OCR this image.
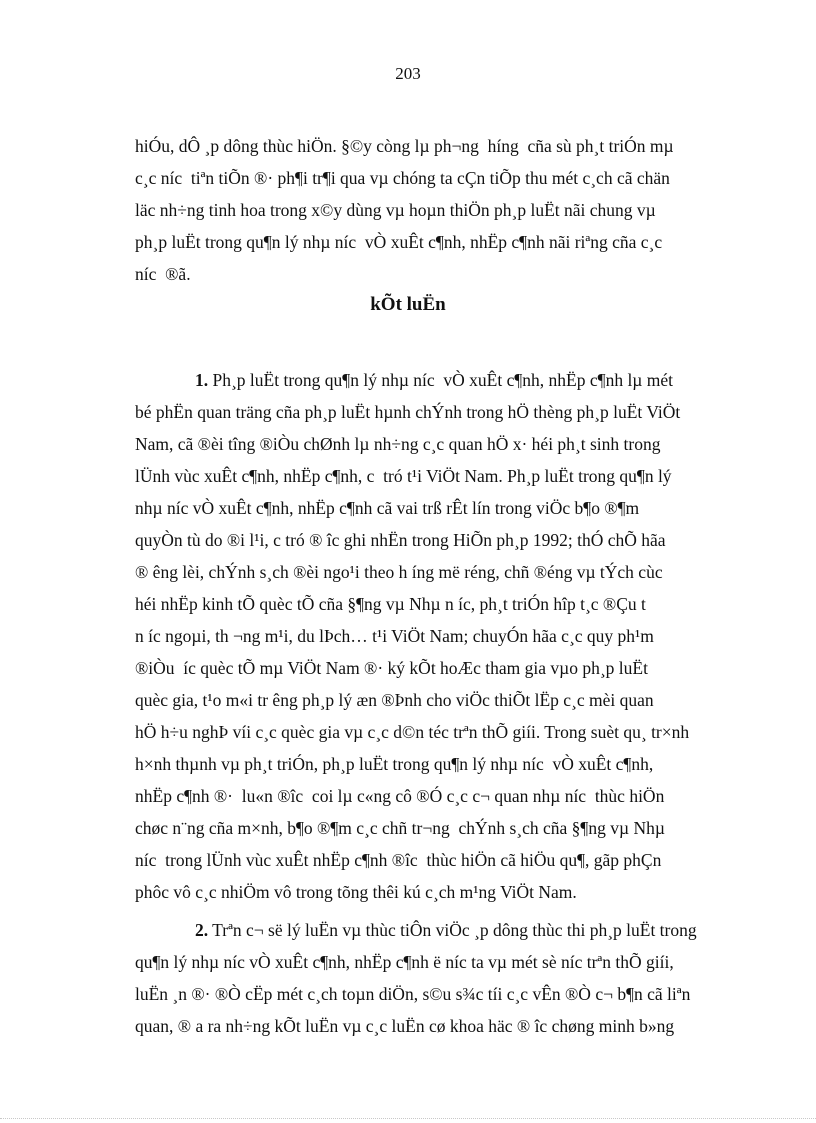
203
hiÓu, dÔ ¸p dông thùc hiÖn. §©y còng lµ ph¬ng  híng  cña sù ph¸t triÓn mµ
c¸c níc  tiªn tiÕn ®· ph¶i tr¶i qua vµ chóng ta cÇn tiÕp thu mét c¸ch cã chän
läc nh÷ng tinh hoa trong x©y dùng vµ hoµn thiÖn ph¸p luËt nãi chung vµ
ph¸p luËt trong qu¶n lý nhµ níc  vÒ xuÊt c¶nh, nhËp c¶nh nãi riªng cña c¸c
níc  ®ã.
kÕt luËn
1. Ph¸p luËt trong qu¶n lý nhµ níc  vÒ xuÊt c¶nh, nhËp c¶nh lµ mét
bé phËn quan träng cña ph¸p luËt hµnh chÝnh trong hÖ thèng ph¸p luËt ViÖt
Nam, cã ®èi tîng ®iÒu chØnh lµ nh÷ng c¸c quan hÖ x· héi ph¸t sinh trong
lÜnh vùc xuÊt c¶nh, nhËp c¶nh, c  tró t¹i ViÖt Nam. Ph¸p luËt trong qu¶n lý
nhµ níc vÒ xuÊt c¶nh, nhËp c¶nh cã vai trß rÊt lín trong viÖc b¶o ®¶m
quyÒn tù do ®i l¹i, c tró ® îc ghi nhËn trong HiÕn ph¸p 1992; thÓ chÕ hãa
® êng lèi, chÝnh s¸ch ®èi ngo¹i theo h íng më réng, chñ ®éng vµ tÝch cùc
héi nhËp kinh tÕ quèc tÕ cña §¶ng vµ Nhµ n íc, ph¸t triÓn hîp t¸c ®Çu t
n íc ngoµi, th ¬ng m¹i, du lÞch… t¹i ViÖt Nam; chuyÓn hãa c¸c quy ph¹m
®iÒu  íc quèc tÕ mµ ViÖt Nam ®· ký kÕt hoÆc tham gia vµo ph¸p luËt
quèc gia, t¹o m«i tr êng ph¸p lý æn ®Þnh cho viÖc thiÕt lËp c¸c mèi quan
hÖ h÷u nghÞ víi c¸c quèc gia vµ c¸c d©n téc trªn thÕ giíi. Trong suèt qu¸ tr×nh
h×nh thµnh vµ ph¸t triÓn, ph¸p luËt trong qu¶n lý nhµ níc  vÒ xuÊt c¶nh,
nhËp c¶nh ®·  lu«n ®îc  coi lµ c«ng cô ®Ó c¸c c¬ quan nhµ níc  thùc hiÖn
chøc n¨ng cña m×nh, b¶o ®¶m c¸c chñ tr¬ng  chÝnh s¸ch cña §¶ng vµ Nhµ
níc  trong lÜnh vùc xuÊt nhËp c¶nh ®îc  thùc hiÖn cã hiÖu qu¶, gãp phÇn
phôc vô c¸c nhiÖm vô trong tõng thêi kú c¸ch m¹ng ViÖt Nam.
2. Trªn c¬ së lý luËn vµ thùc tiÔn viÖc ¸p dông thùc thi ph¸p luËt trong
qu¶n lý nhµ níc vÒ xuÊt c¶nh, nhËp c¶nh ë níc ta vµ mét sè níc trªn thÕ giíi,
luËn ¸n ®· ®Ò cËp mét c¸ch toµn diÖn, s©u s¾c tíi c¸c vÊn ®Ò c¬ b¶n cã liªn
quan, ® a ra nh÷ng kÕt luËn vµ c¸c luËn cø khoa häc ® îc chøng minh b»ng
